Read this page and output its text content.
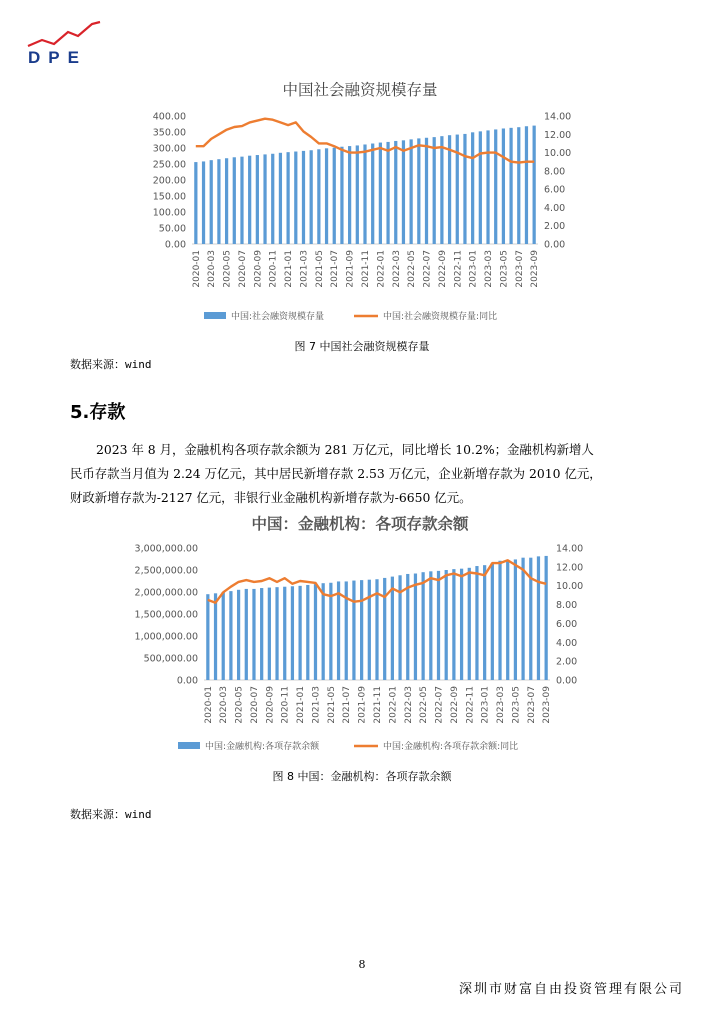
DPE
中国社会融资规模存量
0.00
50.00
100.00
150.00
200.00
250.00
300.00
350.00
400.00
0.00
2.00
4.00
6.00
8.00
10.00
12.00
14.00
2020-01 2020-03 2020-05 2020-07 2020-09 2020-11 2021-01 2021-03 2021-05 2021-07 2021-09 2021-11 2022-01 2022-03 2022-05 2022-07 2022-09 2022-11 2023-01 2023-03 2023-05 2023-07 2023-09
中国:社会融资规模存量	中国:社会融资规模存量:同比
图 7 中国社会融资规模存量
数据来源：wind
5.存款
2023 年 8 月，金融机构各项存款余额为 281 万亿元，同比增长 10.2%；金融机构新增人
民币存款当月值为 2.24 万亿元，其中居民新增存款 2.53 万亿元，企业新增存款为 2010 亿元，
财政新增存款为-2127 亿元，非银行业金融机构新增存款为-6650 亿元。
中国：金融机构：各项存款余额
0.00
500,000.00
1,000,000.00
1,500,000.00
2,000,000.00
2,500,000.00
3,000,000.00
0.00
2.00
4.00
6.00
8.00
10.00
12.00
14.00
2020-01 2020-03 2020-05 2020-07 2020-09 2020-11 2021-01 2021-03 2021-05 2021-07 2021-09 2021-11 2022-01 2022-03 2022-05 2022-07 2022-09 2022-11 2023-01 2023-03 2023-05 2023-07 2023-09
中国:金融机构:各项存款余额	中国:金融机构:各项存款余额:同比
图 8 中国：金融机构：各项存款余额
数据来源：wind
8
深圳市财富自由投资管理有限公司
